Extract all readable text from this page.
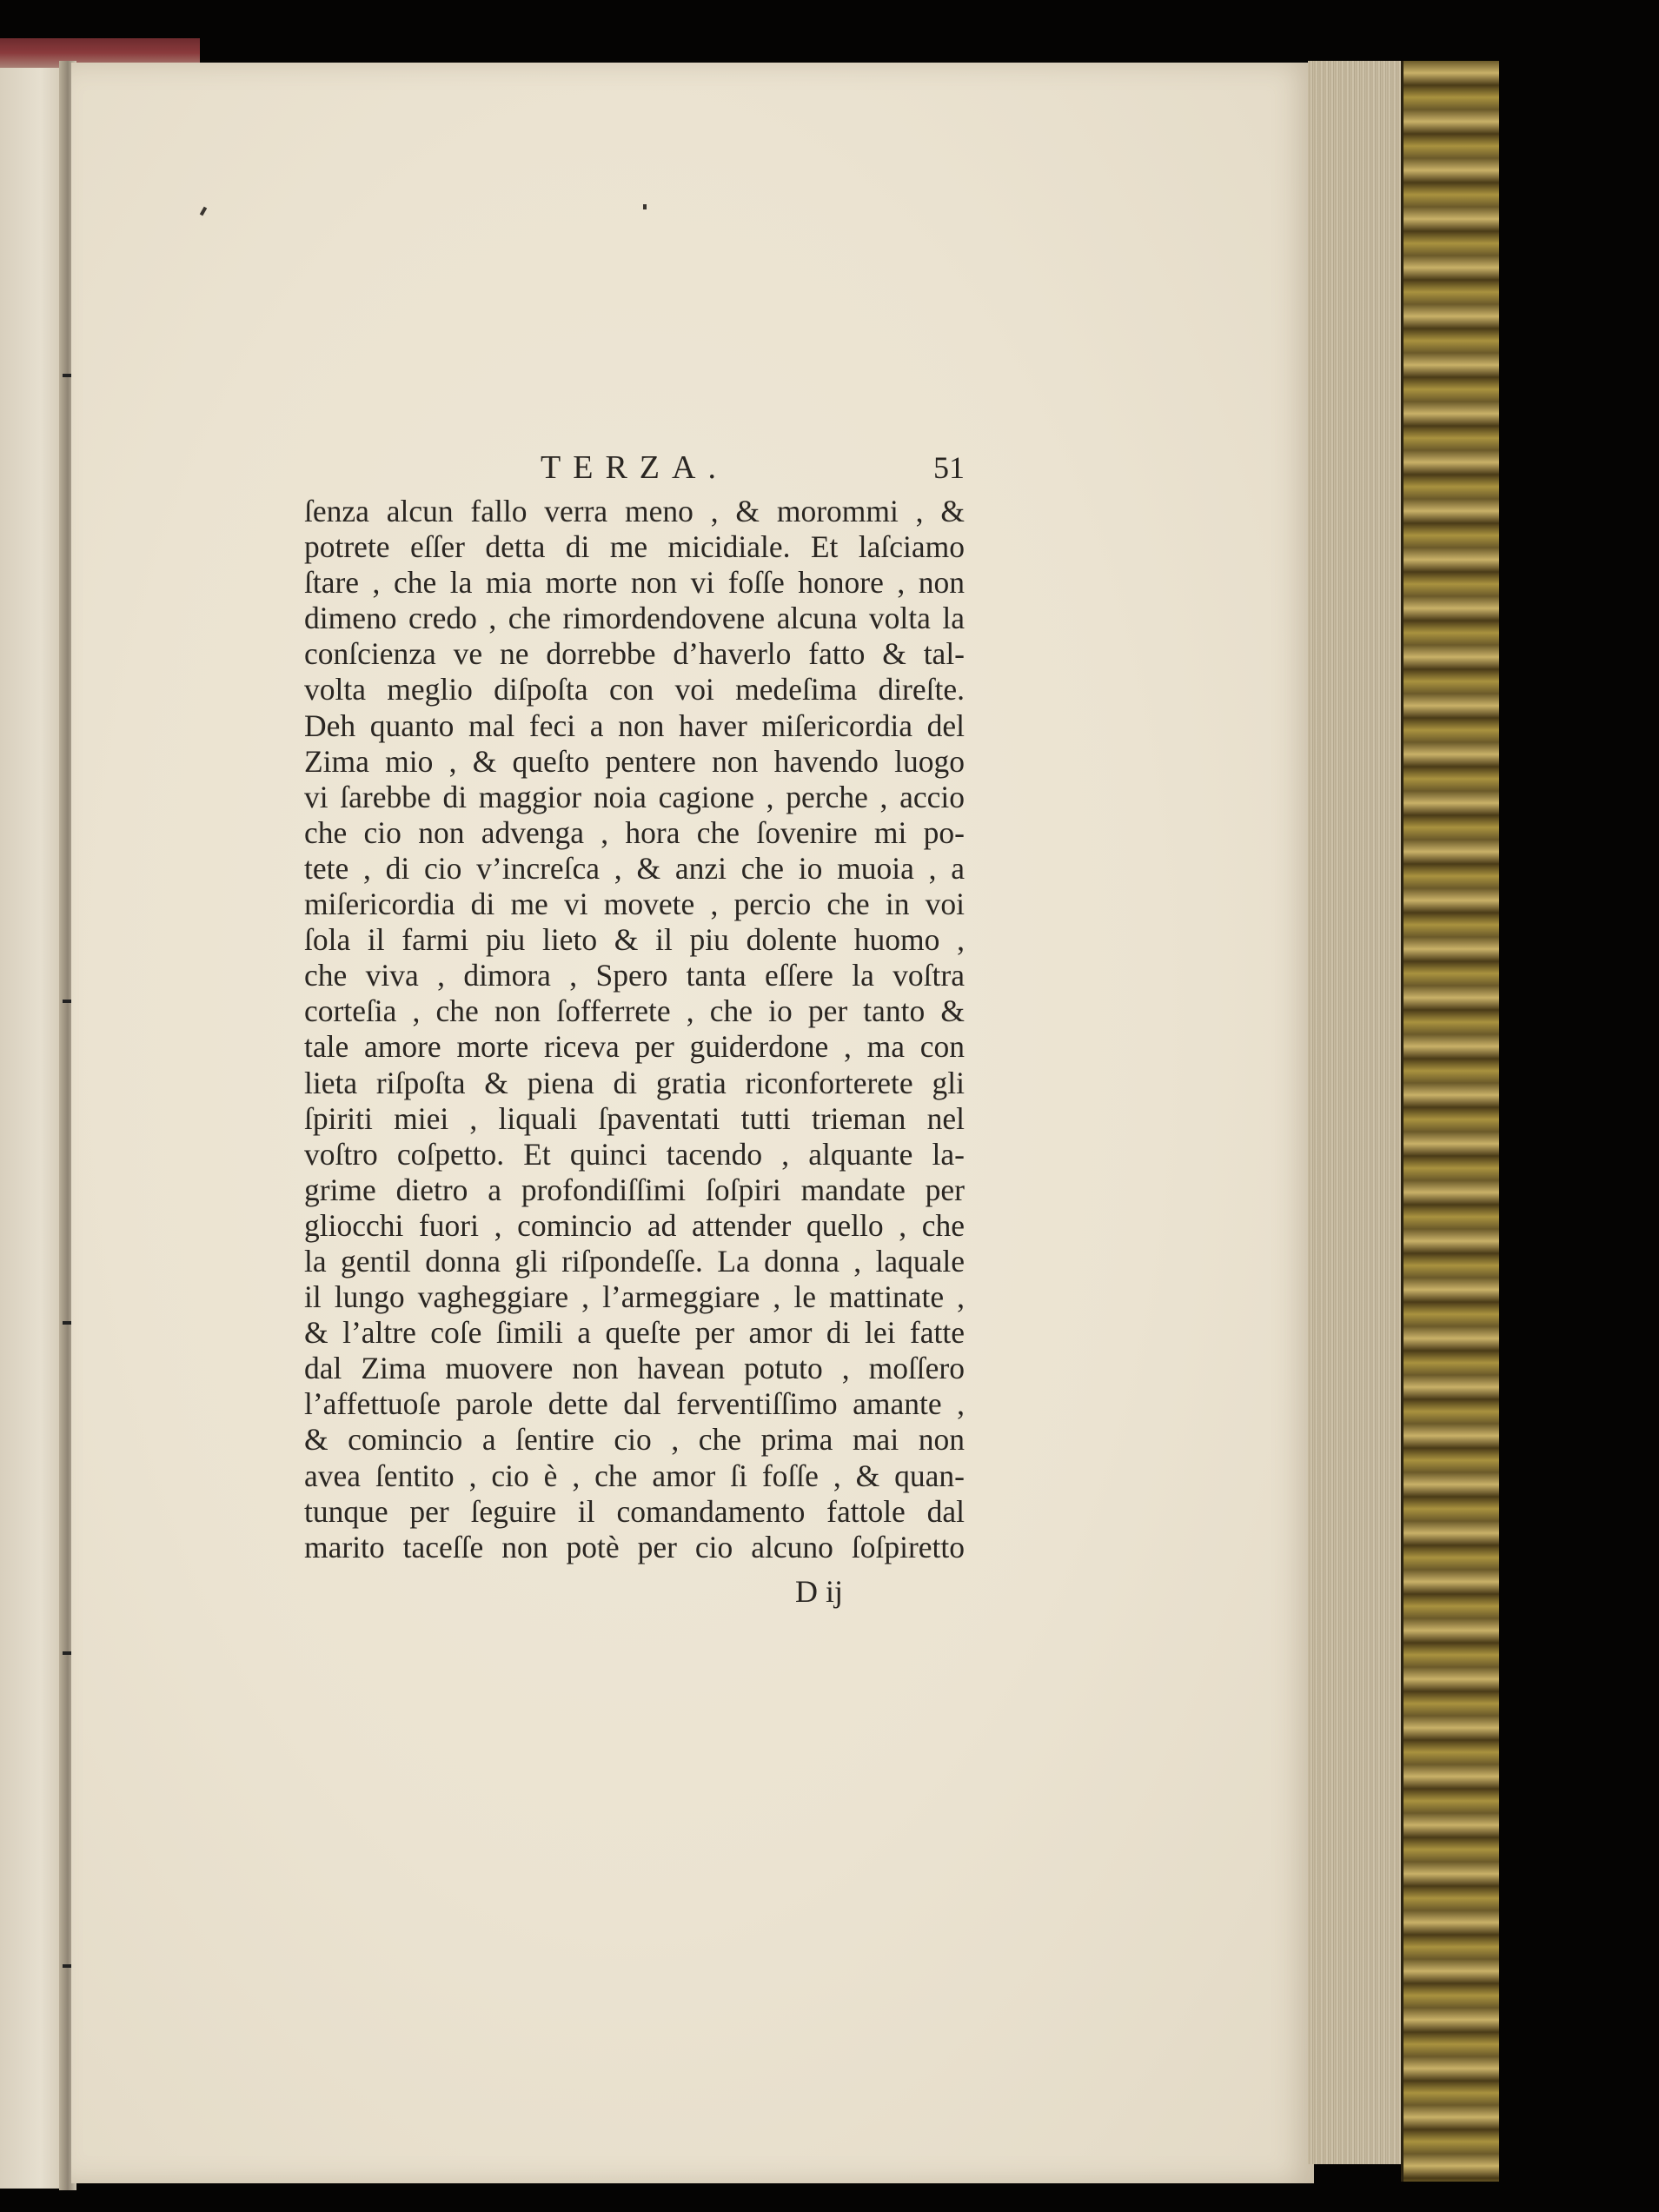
TERZA.	51
ſenza alcun fallo verra meno , & morommi , &
potrete eſſer detta di me micidiale. Et laſciamo
ſtare , che la mia morte non vi foſſe honore , non
dimeno credo , che rimordendovene alcuna volta la
conſcienza ve ne dorrebbe d’haverlo fatto & tal-
volta meglio diſpoſta con voi medeſima direſte.
Deh quanto mal feci a non haver miſericordia del
Zima mio , & queſto pentere non havendo luogo
vi ſarebbe di maggior noia cagione , perche , accio
che cio non advenga , hora che ſovenire mi po-
tete , di cio v’increſca , & anzi che io muoia , a
miſericordia di me vi movete , percio che in voi
ſola il farmi piu lieto & il piu dolente huomo ,
che viva , dimora , Spero tanta eſſere la voſtra
corteſia , che non ſofferrete , che io per tanto &
tale amore morte riceva per guiderdone , ma con
lieta riſpoſta & piena di gratia riconforterete gli
ſpiriti miei , liquali ſpaventati tutti trieman nel
voſtro coſpetto. Et quinci tacendo , alquante la-
grime dietro a profondiſſimi ſoſpiri mandate per
gliocchi fuori , comincio ad attender quello , che
la gentil donna gli riſpondeſſe. La donna , laquale
il lungo vagheggiare , l’armeggiare , le mattinate ,
& l’altre coſe ſimili a queſte per amor di lei fatte
dal Zima muovere non havean potuto , moſſero
l’affettuoſe parole dette dal ferventiſſimo amante ,
& comincio a ſentire cio , che prima mai non
avea ſentito , cio è , che amor ſi foſſe , & quan-
tunque per ſeguire il comandamento fattole dal
marito taceſſe non potè per cio alcuno ſoſpiretto
D ij
